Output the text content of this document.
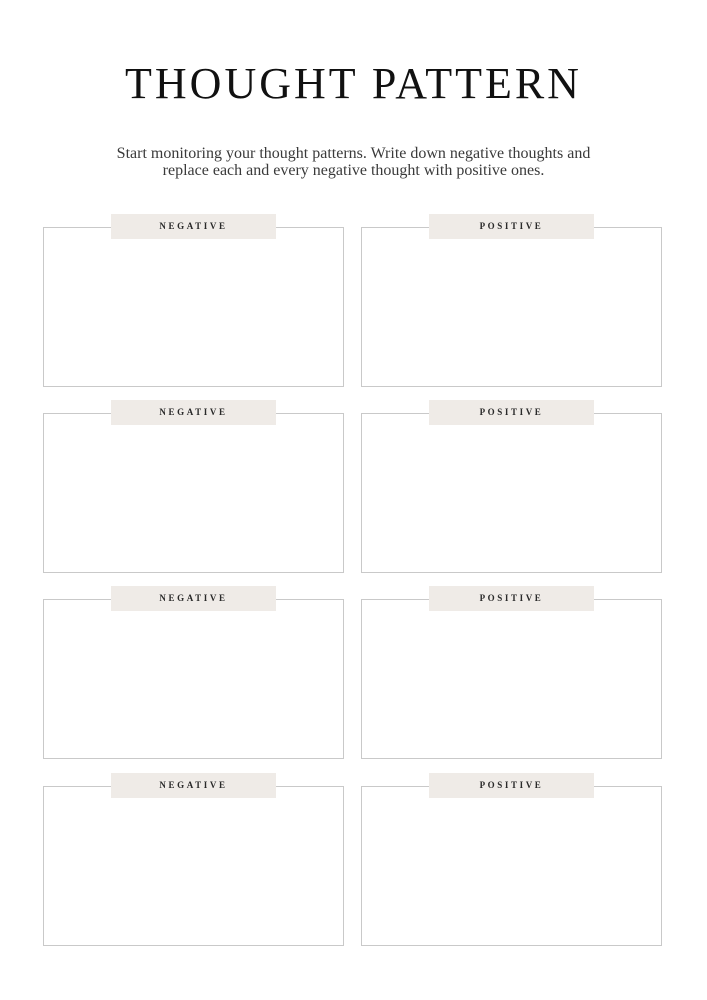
THOUGHT PATTERN

Start monitoring your thought patterns. Write down negative thoughts and
replace each and every negative thought with positive ones.

NEGATIVE	POSITIVE
NEGATIVE	POSITIVE
NEGATIVE	POSITIVE
NEGATIVE	POSITIVE
